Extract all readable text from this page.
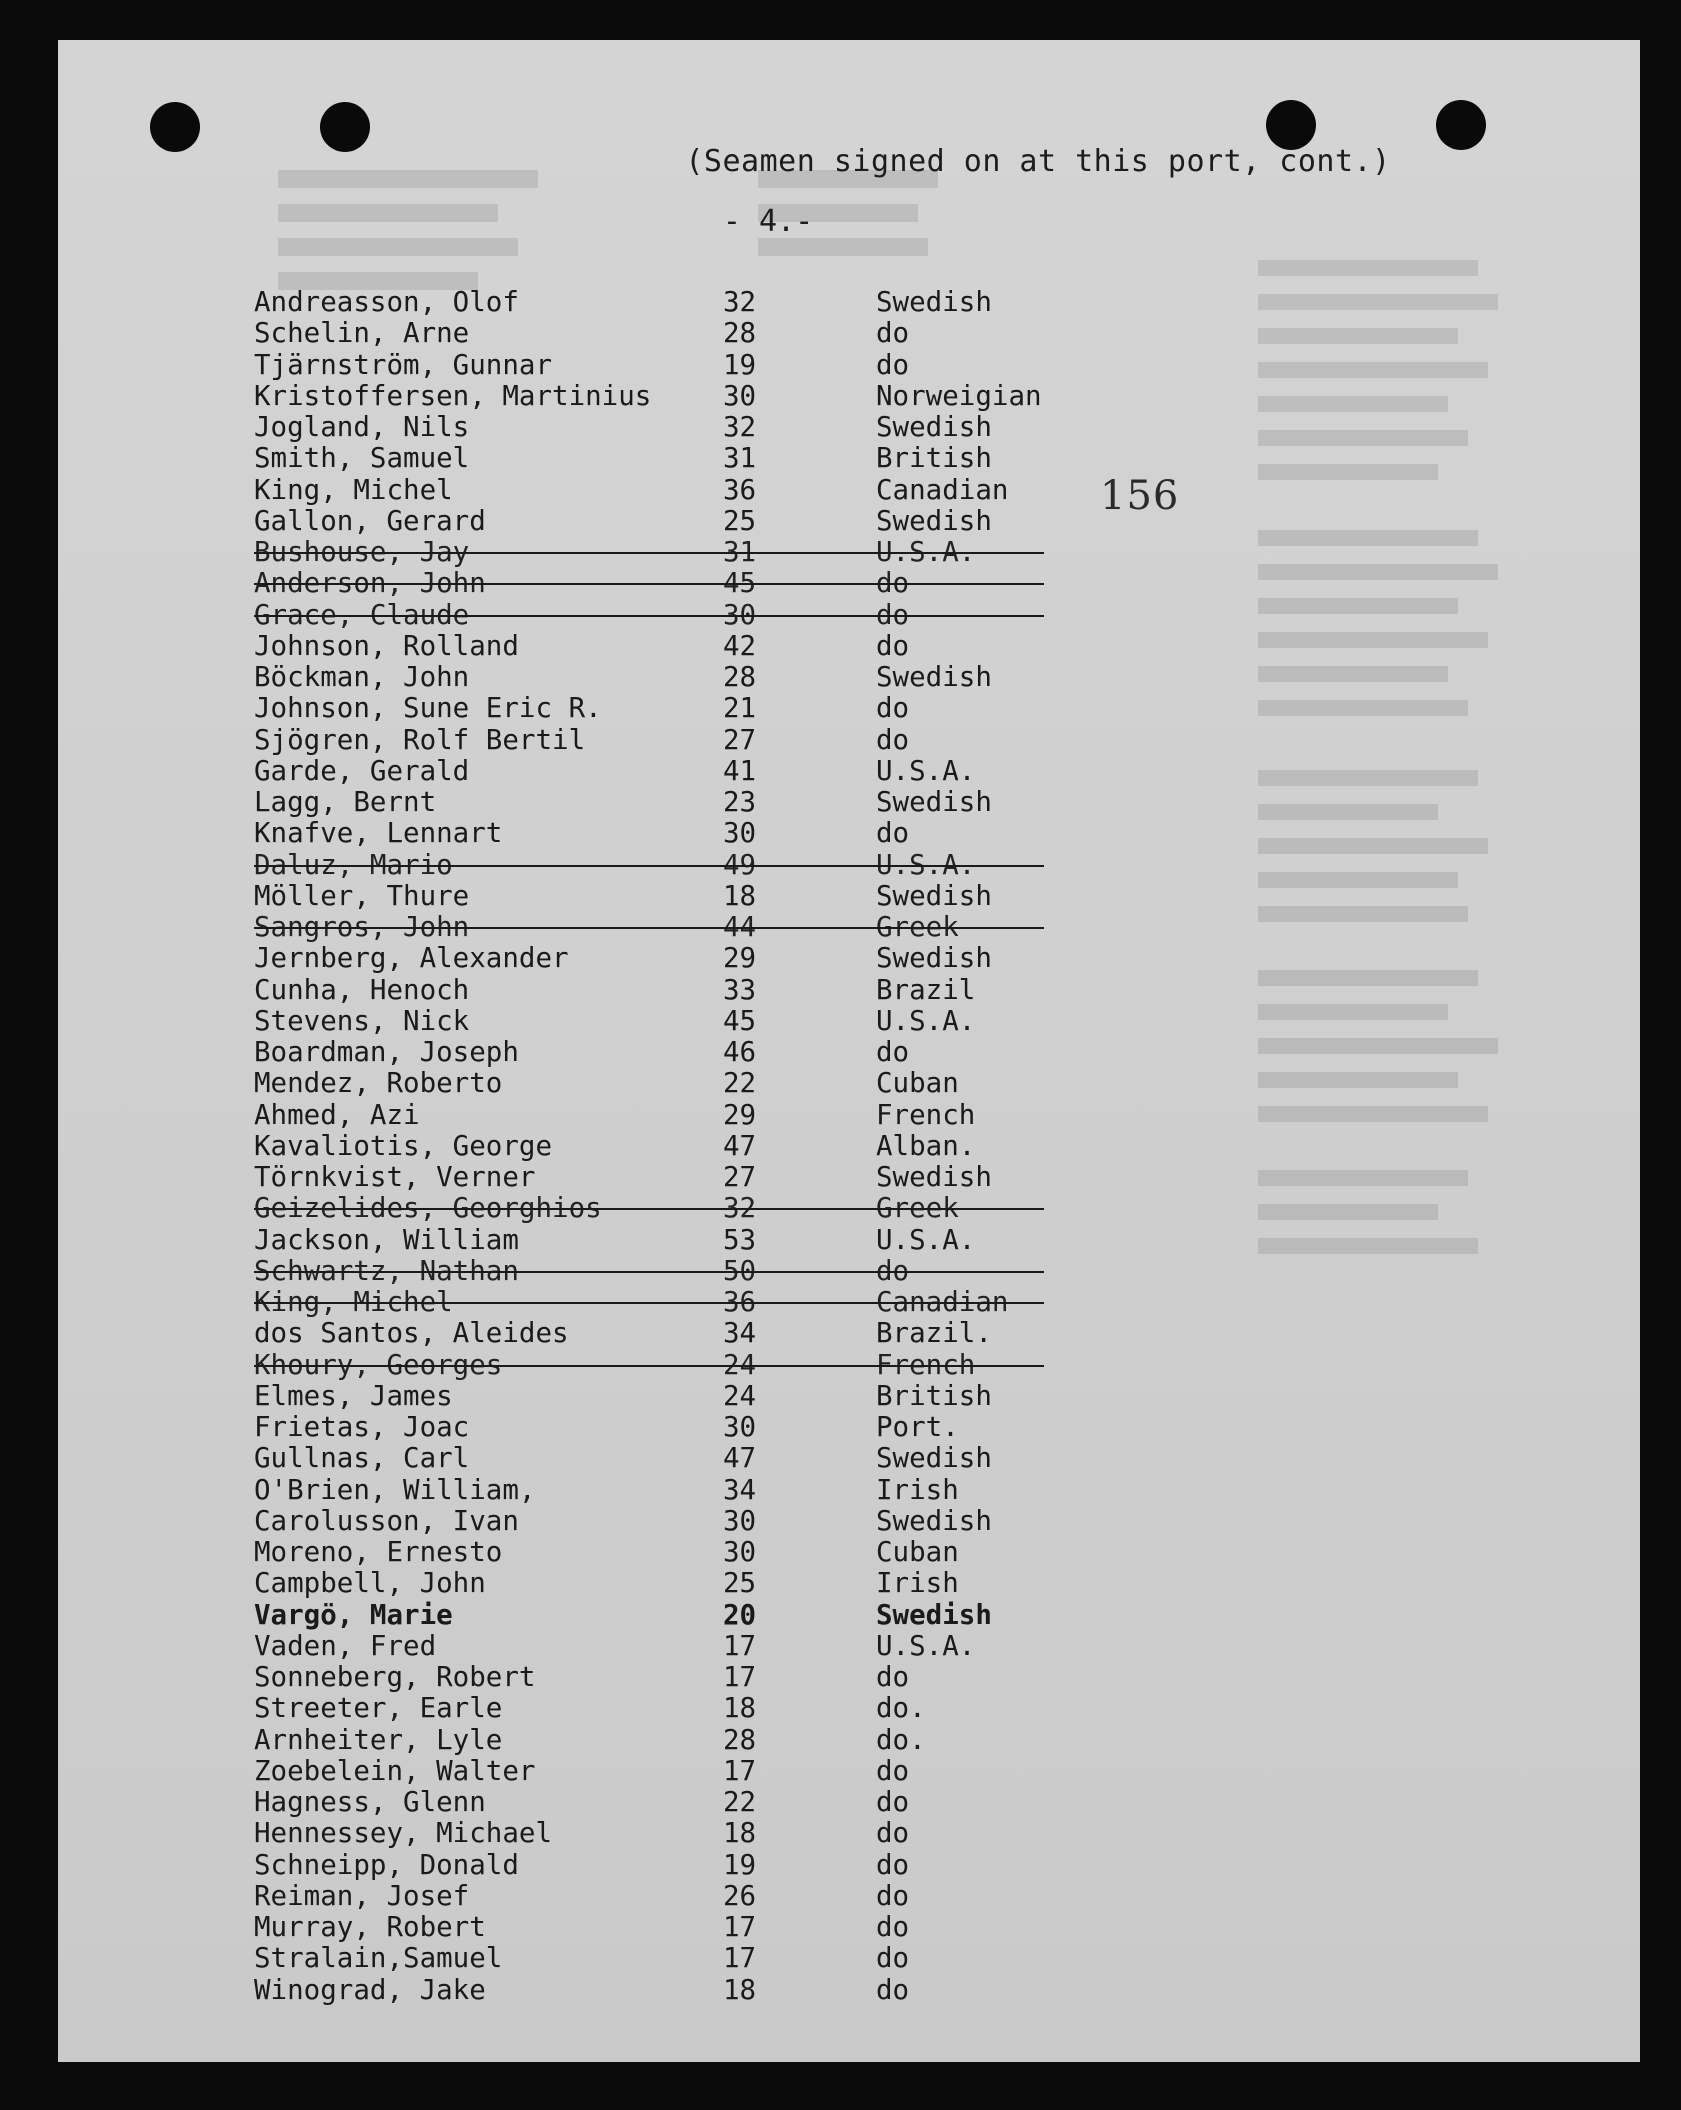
(Seamen signed on at this port, cont.)
- 4.-
156
Andreasson, Olof	32	Swedish
Schelin, Arne	28	do
Tjärnström, Gunnar	19	do
Kristoffersen, Martinius	30	Norweigian
Jogland, Nils	32	Swedish
Smith, Samuel	31	British
King, Michel	36	Canadian
Gallon, Gerard	25	Swedish
Bushouse, Jay	31	U.S.A.
Anderson, John	45	do
Grace, Claude	30	do
Johnson, Rolland	42	do
Böckman, John	28	Swedish
Johnson, Sune Eric R.	21	do
Sjögren, Rolf Bertil	27	do
Garde, Gerald	41	U.S.A.
Lagg, Bernt	23	Swedish
Knafve, Lennart	30	do
Daluz, Mario	49	U.S.A.
Möller, Thure	18	Swedish
Sangros, John	44	Greek
Jernberg, Alexander	29	Swedish
Cunha, Henoch	33	Brazil
Stevens, Nick	45	U.S.A.
Boardman, Joseph	46	do
Mendez, Roberto	22	Cuban
Ahmed, Azi	29	French
Kavaliotis, George	47	Alban.
Törnkvist, Verner	27	Swedish
Geizelides, Georghios	32	Greek
Jackson, William	53	U.S.A.
Schwartz, Nathan	50	do
King, Michel	36	Canadian
dos Santos, Aleides	34	Brazil.
Khoury, Georges	24	French
Elmes, James	24	British
Frietas, Joac	30	Port.
Gullnas, Carl	47	Swedish
O'Brien, William,	34	Irish
Carolusson, Ivan	30	Swedish
Moreno, Ernesto	30	Cuban
Campbell, John	25	Irish
Vargö, Marie	20	Swedish
Vaden, Fred	17	U.S.A.
Sonneberg, Robert	17	do
Streeter, Earle	18	do.
Arnheiter, Lyle	28	do.
Zoebelein, Walter	17	do
Hagness, Glenn	22	do
Hennessey, Michael	18	do
Schneipp, Donald	19	do
Reiman, Josef	26	do
Murray, Robert	17	do
Stralain,Samuel	17	do
Winograd, Jake	18	do
